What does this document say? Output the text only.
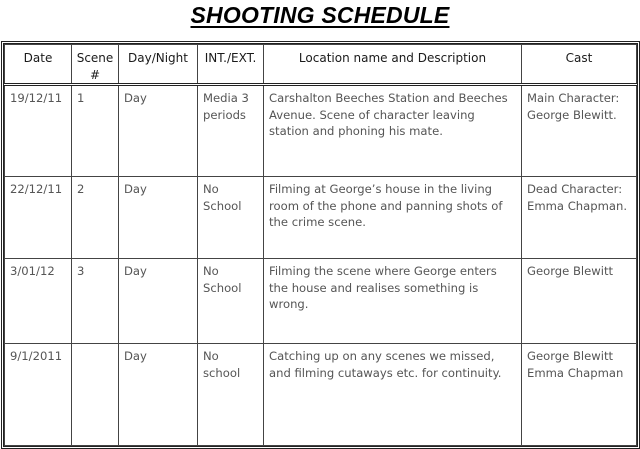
SHOOTING SCHEDULE
Date	Scene #	Day/Night	INT./EXT.	Location name and Description	Cast
19/12/11	1	Day	Media 3 periods	Carshalton Beeches Station and Beeches Avenue. Scene of character leaving station and phoning his mate.	Main Character: George Blewitt.
22/12/11	2	Day	No School	Filming at George’s house in the living room of the phone and panning shots of the crime scene.	Dead Character: Emma Chapman.
3/01/12	3	Day	No School	Filming the scene where George enters the house and realises something is wrong.	George Blewitt
9/1/2011		Day	No school	Catching up on any scenes we missed, and filming cutaways etc. for continuity.	George Blewitt
Emma Chapman
